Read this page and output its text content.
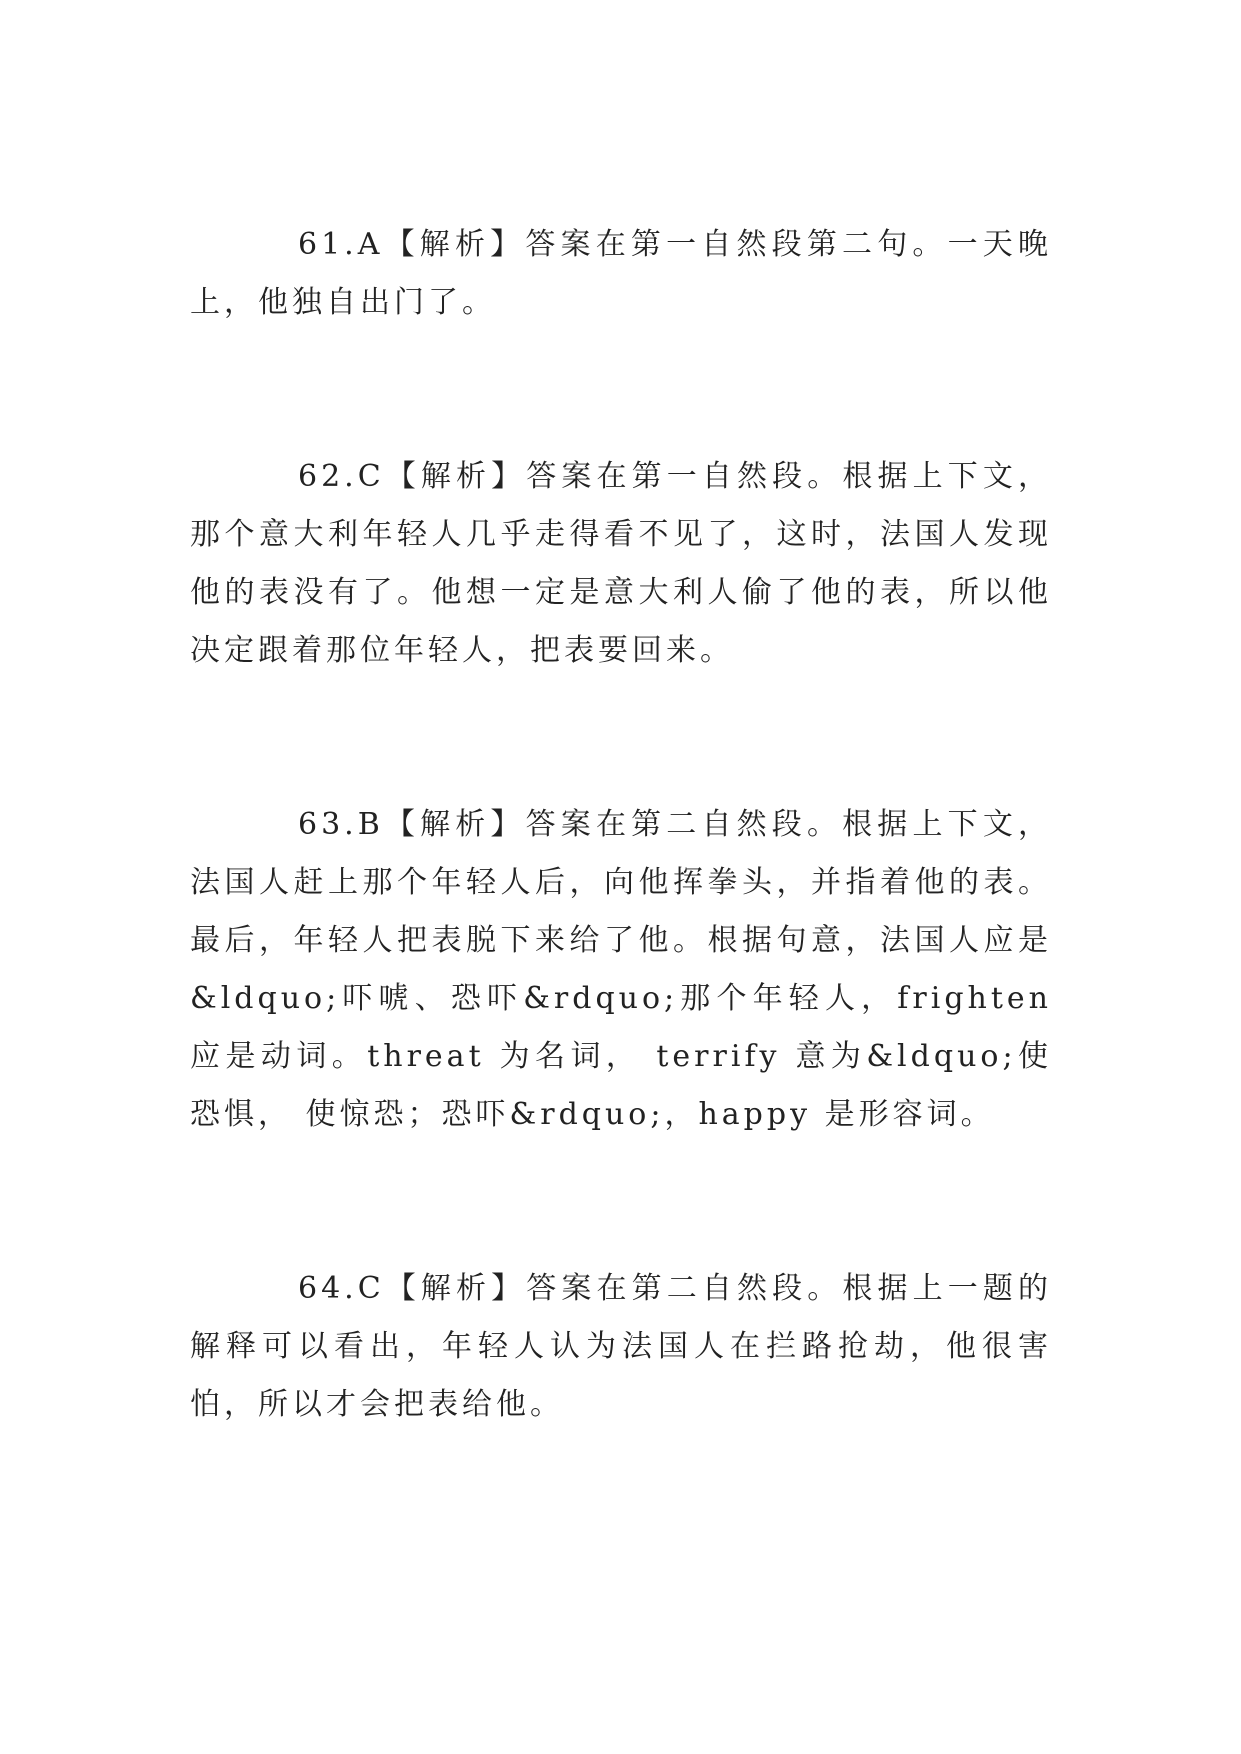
61.A【解析】答案在第一自然段第二句。一天晚上，他独自出门了。

62.C【解析】答案在第一自然段。根据上下文，那个意大利年轻人几乎走得看不见了，这时，法国人发现他的表没有了。他想一定是意大利人偷了他的表，所以他决定跟着那位年轻人，把表要回来。

63.B【解析】答案在第二自然段。根据上下文，法国人赶上那个年轻人后，向他挥拳头，并指着他的表。最后，年轻人把表脱下来给了他。根据句意，法国人应是&ldquo;吓唬、恐吓&rdquo;那个年轻人，frighten 应是动词。threat 为名词， terrify 意为&ldquo;使恐惧， 使惊恐；恐吓&rdquo;，happy 是形容词。

64.C【解析】答案在第二自然段。根据上一题的解释可以看出，年轻人认为法国人在拦路抢劫，他很害怕，所以才会把表给他。
